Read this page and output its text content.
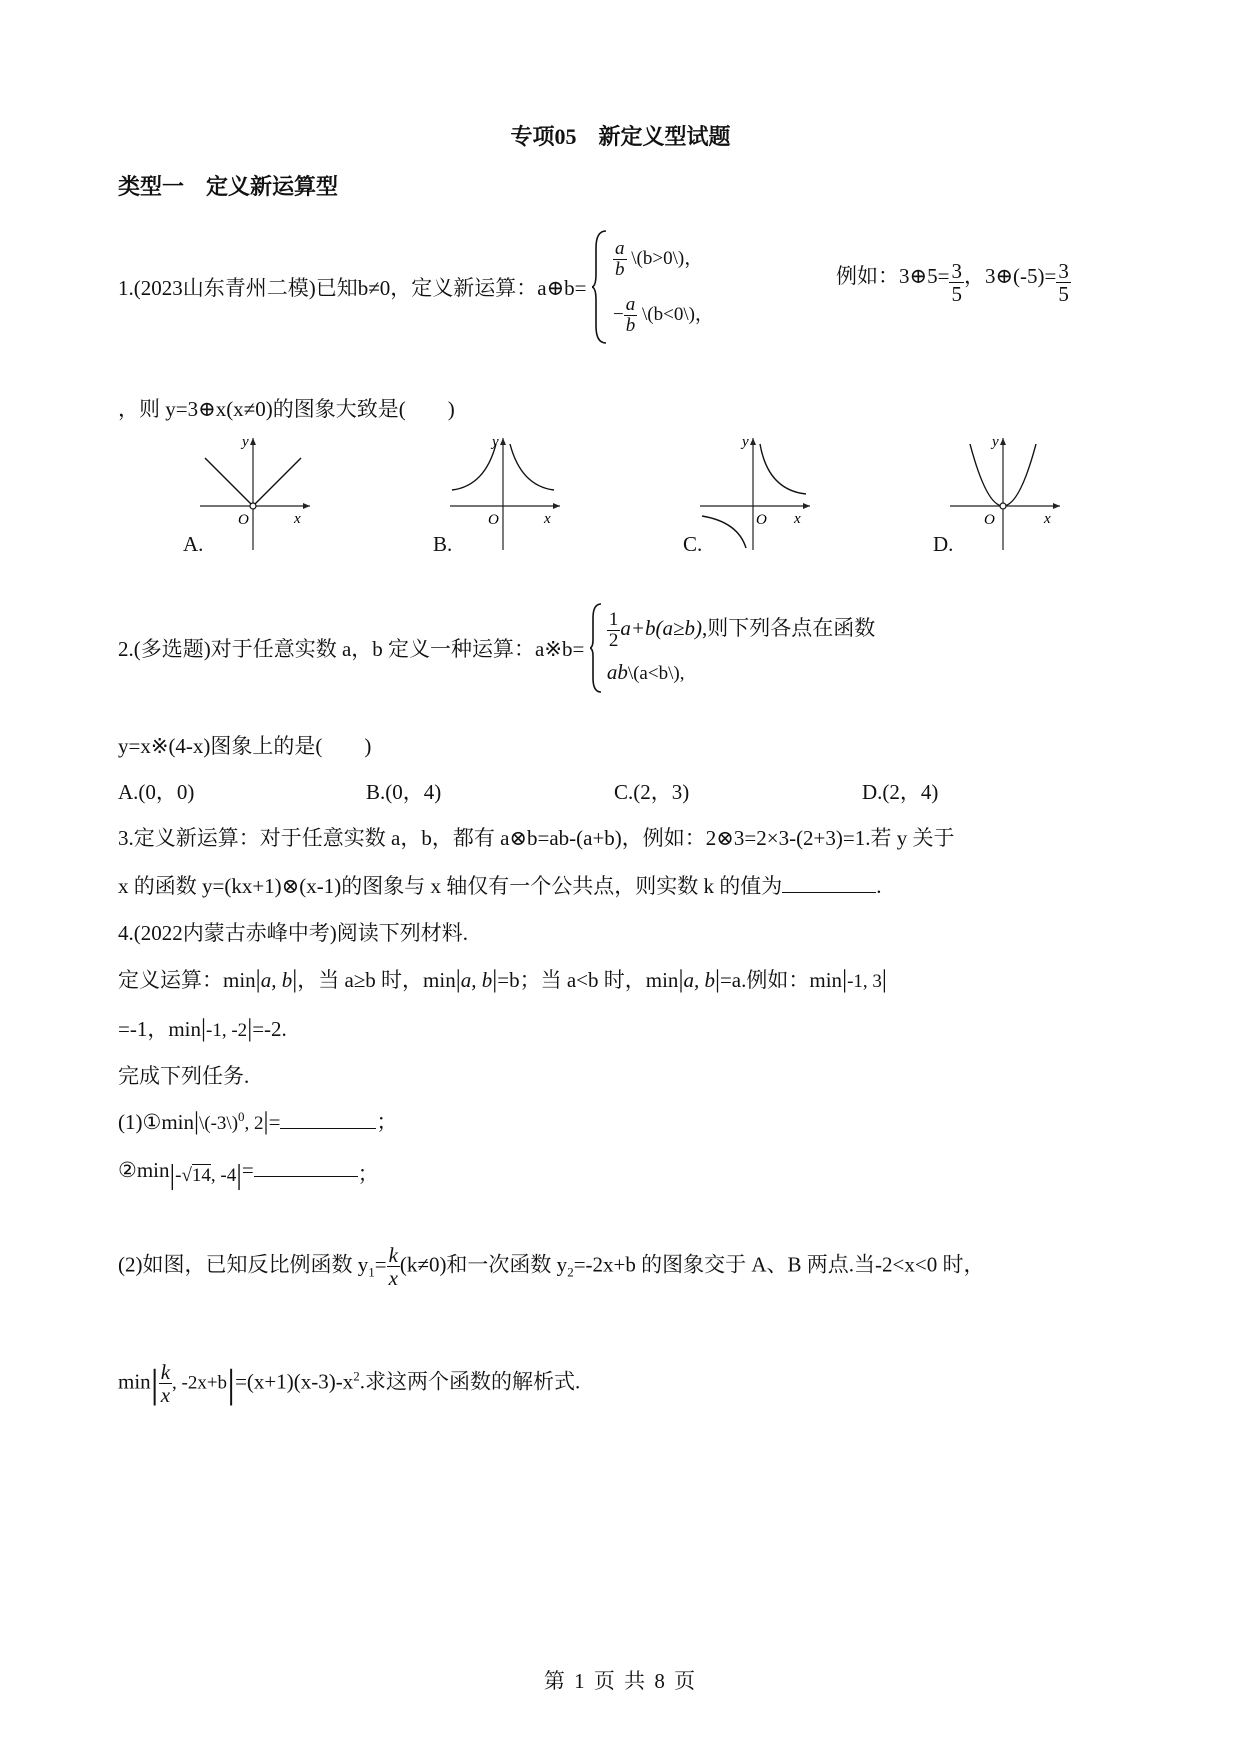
专项05　新定义型试题
类型一　定义新运算型
1.(2023山东青州二模)已知b≠0，定义新运算：a⊕b=
$\frac{a}{b}$ \(b>0\)，
− $\frac{a}{b}$ \(b<0\)，
例如：3⊕5= $\frac{3}{5}$ ，3⊕(-5)= $\frac{3}{5}$
，则 y=3⊕x(x≠0)的图象大致是(　　)
y
x
O
A.
y
x
O
B.
y
x
O
C.
y
x
O
D.
2.(多选题)对于任意实数 a，b 定义一种运算：a※b= $\frac{1}{2} a+b(a\ge b)$,则下列各点在函数
ab\(a<b\),
y=x※(4-x)图象上的是(　　)
A.(0，0)	B.(0，4)	C.(2，3)	D.(2，4)
3.定义新运算：对于任意实数 a，b，都有 a⊗b=ab-(a+b)，例如：2⊗3=2×3-(2+3)=1.若 y 关于
x 的函数 y=(kx+1)⊗(x-1)的图象与 x 轴仅有一个公共点，则实数 k 的值为	.
4.(2022内蒙古赤峰中考)阅读下列材料.
定义运算：min|a, b|，当 a≥b 时，min|a, b|=b；当 a<b 时，min|a, b|=a.例如：min|-1, 3|
=-1，min|-1, -2|=-2.
完成下列任务.
(1)①min|\(-3\)$^0$, 2|=	；
②min|-√14, -4|=	；
(2)如图，已知反比例函数 $y_1= \frac{k}{x} (k\ne 0)$和一次函数 $y_2=-2x+b$ 的图象交于 A、B 两点.当-2<x<0 时，
$\min| \frac{k}{x}$ , $-2x+b|=(x+1)(x-3)-x^2$.求这两个函数的解析式.
第 1 页 共 8 页
